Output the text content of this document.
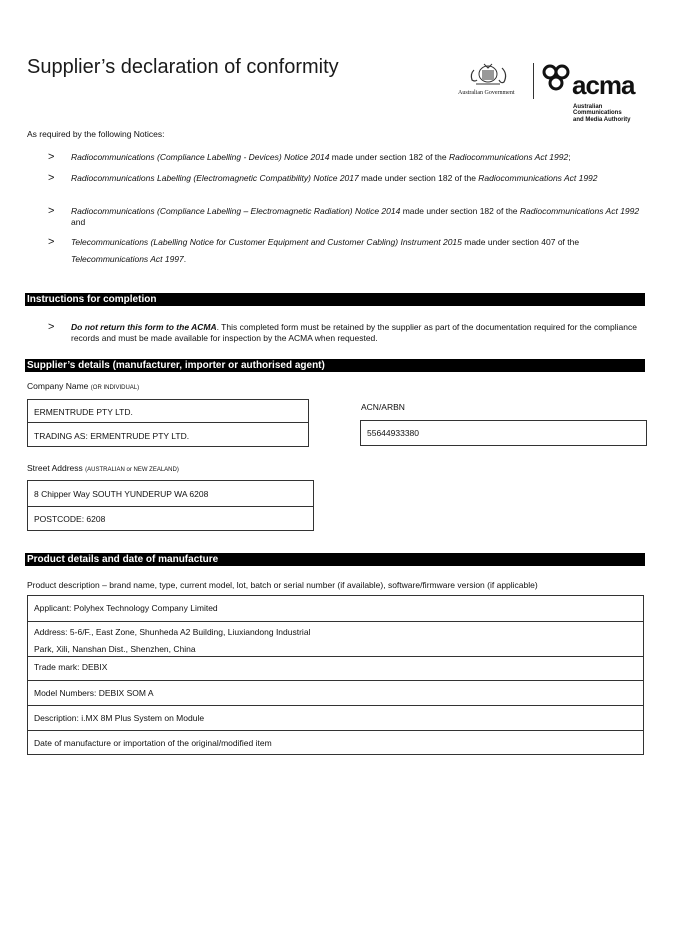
Supplier’s declaration of conformity
Australian Government acma
Australian
Communications
and Media Authority
As required by the following Notices:
> Radiocommunications (Compliance Labelling - Devices) Notice 2014 made under section 182 of the Radiocommunications Act 1992;
> Radiocommunications Labelling (Electromagnetic Compatibility) Notice 2017 made under section 182 of the Radiocommunications Act 1992
> Radiocommunications (Compliance Labelling – Electromagnetic Radiation) Notice 2014 made under section 182 of the Radiocommunications Act 1992 and
> Telecommunications (Labelling Notice for Customer Equipment and Customer Cabling) Instrument 2015 made under section 407 of the Telecommunications Act 1997.
Instructions for completion
> Do not return this form to the ACMA. This completed form must be retained by the supplier as part of the documentation required for the compliance records and must be made available for inspection by the ACMA when requested.
Supplier’s details (manufacturer, importer or authorised agent)
Company Name (OR INDIVIDUAL)
ERMENTRUDE PTY LTD.
TRADING AS: ERMENTRUDE PTY LTD.
ACN/ARBN
55644933380
Street Address (AUSTRALIAN or NEW ZEALAND)
8 Chipper Way SOUTH YUNDERUP WA 6208
POSTCODE: 6208
Product details and date of manufacture
Product description – brand name, type, current model, lot, batch or serial number (if available), software/firmware version (if applicable)
Applicant: Polyhex Technology Company Limited
Address: 5-6/F., East Zone, Shunheda A2 Building, Liuxiandong Industrial
Park, Xili, Nanshan Dist., Shenzhen, China
Trade mark: DEBIX
Model Numbers: DEBIX SOM A
Description: i.MX 8M Plus System on Module
Date of manufacture or importation of the original/modified item
